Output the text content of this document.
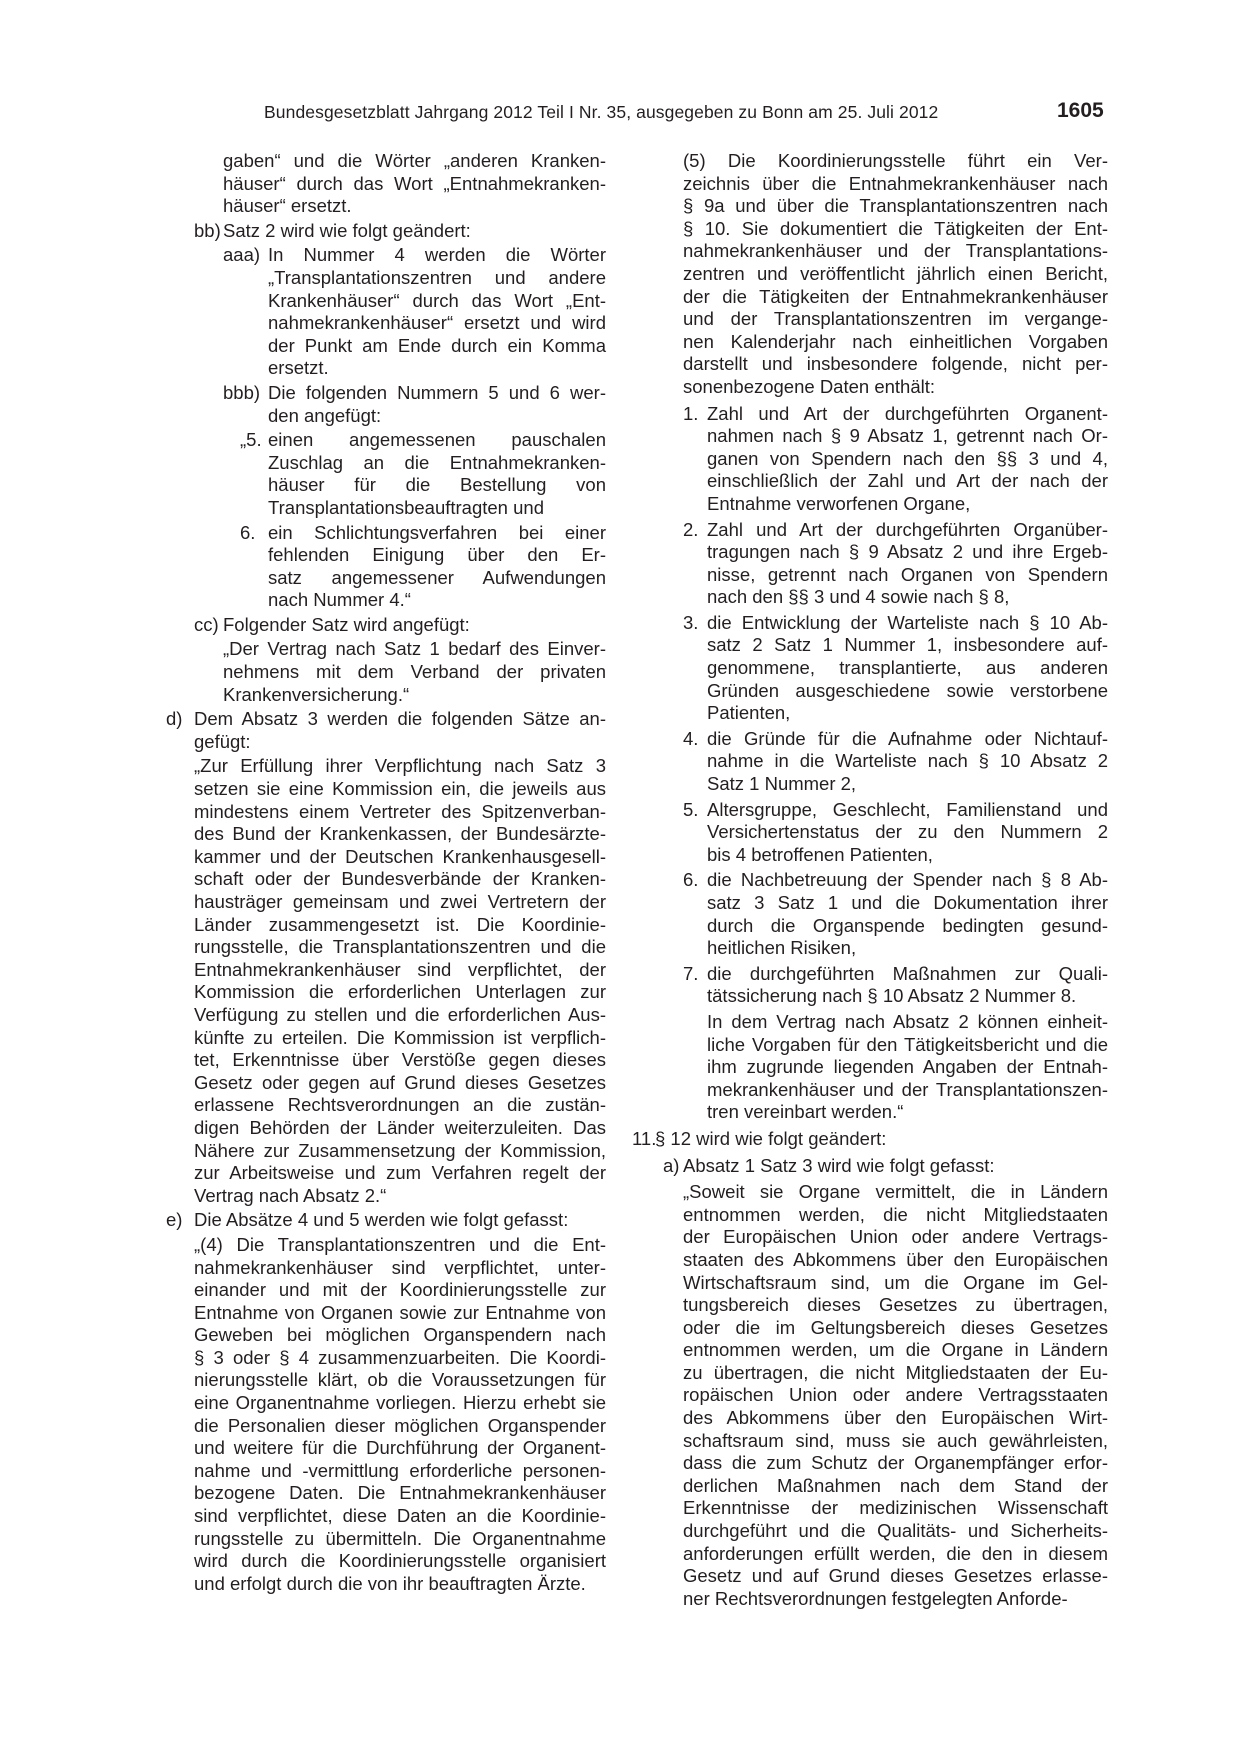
Bundesgesetzblatt Jahrgang 2012 Teil I Nr. 35, ausgegeben zu Bonn am 25. Juli 2012	1605
gaben“ und die Wörter „anderen Kranken-
häuser“ durch das Wort „Entnahmekranken-
häuser“ ersetzt.
bb) Satz 2 wird wie folgt geändert:
aaa) In Nummer 4 werden die Wörter
„Transplantationszentren und andere
Krankenhäuser“ durch das Wort „Ent-
nahmekrankenhäuser“ ersetzt und wird
der Punkt am Ende durch ein Komma
ersetzt.
bbb) Die folgenden Nummern 5 und 6 wer-
den angefügt:
„5. einen angemessenen pauschalen
Zuschlag an die Entnahmekranken-
häuser für die Bestellung von
Transplantationsbeauftragten und
6. ein Schlichtungsverfahren bei einer
fehlenden Einigung über den Er-
satz angemessener Aufwendungen
nach Nummer 4.“
cc) Folgender Satz wird angefügt:
„Der Vertrag nach Satz 1 bedarf des Einver-
nehmens mit dem Verband der privaten
Krankenversicherung.“
d) Dem Absatz 3 werden die folgenden Sätze an-
gefügt:
„Zur Erfüllung ihrer Verpflichtung nach Satz 3
setzen sie eine Kommission ein, die jeweils aus
mindestens einem Vertreter des Spitzenverban-
des Bund der Krankenkassen, der Bundesärzte-
kammer und der Deutschen Krankenhausgesell-
schaft oder der Bundesverbände der Kranken-
hausträger gemeinsam und zwei Vertretern der
Länder zusammengesetzt ist. Die Koordinie-
rungsstelle, die Transplantationszentren und die
Entnahmekrankenhäuser sind verpflichtet, der
Kommission die erforderlichen Unterlagen zur
Verfügung zu stellen und die erforderlichen Aus-
künfte zu erteilen. Die Kommission ist verpflich-
tet, Erkenntnisse über Verstöße gegen dieses
Gesetz oder gegen auf Grund dieses Gesetzes
erlassene Rechtsverordnungen an die zustän-
digen Behörden der Länder weiterzuleiten. Das
Nähere zur Zusammensetzung der Kommission,
zur Arbeitsweise und zum Verfahren regelt der
Vertrag nach Absatz 2.“
e) Die Absätze 4 und 5 werden wie folgt gefasst:
„(4) Die Transplantationszentren und die Ent-
nahmekrankenhäuser sind verpflichtet, unter-
einander und mit der Koordinierungsstelle zur
Entnahme von Organen sowie zur Entnahme von
Geweben bei möglichen Organspendern nach
§ 3 oder § 4 zusammenzuarbeiten. Die Koordi-
nierungsstelle klärt, ob die Voraussetzungen für
eine Organentnahme vorliegen. Hierzu erhebt sie
die Personalien dieser möglichen Organspender
und weitere für die Durchführung der Organent-
nahme und -vermittlung erforderliche personen-
bezogene Daten. Die Entnahmekrankenhäuser
sind verpflichtet, diese Daten an die Koordinie-
rungsstelle zu übermitteln. Die Organentnahme
wird durch die Koordinierungsstelle organisiert
und erfolgt durch die von ihr beauftragten Ärzte.
(5) Die Koordinierungsstelle führt ein Ver-
zeichnis über die Entnahmekrankenhäuser nach
§ 9a und über die Transplantationszentren nach
§ 10. Sie dokumentiert die Tätigkeiten der Ent-
nahmekrankenhäuser und der Transplantations-
zentren und veröffentlicht jährlich einen Bericht,
der die Tätigkeiten der Entnahmekrankenhäuser
und der Transplantationszentren im vergange-
nen Kalenderjahr nach einheitlichen Vorgaben
darstellt und insbesondere folgende, nicht per-
sonenbezogene Daten enthält:
1. Zahl und Art der durchgeführten Organent-
nahmen nach § 9 Absatz 1, getrennt nach Or-
ganen von Spendern nach den §§ 3 und 4,
einschließlich der Zahl und Art der nach der
Entnahme verworfenen Organe,
2. Zahl und Art der durchgeführten Organüber-
tragungen nach § 9 Absatz 2 und ihre Ergeb-
nisse, getrennt nach Organen von Spendern
nach den §§ 3 und 4 sowie nach § 8,
3. die Entwicklung der Warteliste nach § 10 Ab-
satz 2 Satz 1 Nummer 1, insbesondere auf-
genommene, transplantierte, aus anderen
Gründen ausgeschiedene sowie verstorbene
Patienten,
4. die Gründe für die Aufnahme oder Nichtauf-
nahme in die Warteliste nach § 10 Absatz 2
Satz 1 Nummer 2,
5. Altersgruppe, Geschlecht, Familienstand und
Versichertenstatus der zu den Nummern 2
bis 4 betroffenen Patienten,
6. die Nachbetreuung der Spender nach § 8 Ab-
satz 3 Satz 1 und die Dokumentation ihrer
durch die Organspende bedingten gesund-
heitlichen Risiken,
7. die durchgeführten Maßnahmen zur Quali-
tätssicherung nach § 10 Absatz 2 Nummer 8.
In dem Vertrag nach Absatz 2 können einheit-
liche Vorgaben für den Tätigkeitsbericht und die
ihm zugrunde liegenden Angaben der Entnah-
mekrankenhäuser und der Transplantationszen-
tren vereinbart werden.“
11.
§ 12 wird wie folgt geändert:
a) Absatz 1 Satz 3 wird wie folgt gefasst:
„Soweit sie Organe vermittelt, die in Ländern
entnommen werden, die nicht Mitgliedstaaten
der Europäischen Union oder andere Vertrags-
staaten des Abkommens über den Europäischen
Wirtschaftsraum sind, um die Organe im Gel-
tungsbereich dieses Gesetzes zu übertragen,
oder die im Geltungsbereich dieses Gesetzes
entnommen werden, um die Organe in Ländern
zu übertragen, die nicht Mitgliedstaaten der Eu-
ropäischen Union oder andere Vertragsstaaten
des Abkommens über den Europäischen Wirt-
schaftsraum sind, muss sie auch gewährleisten,
dass die zum Schutz der Organempfänger erfor-
derlichen Maßnahmen nach dem Stand der
Erkenntnisse der medizinischen Wissenschaft
durchgeführt und die Qualitäts- und Sicherheits-
anforderungen erfüllt werden, die den in diesem
Gesetz und auf Grund dieses Gesetzes erlasse-
ner Rechtsverordnungen festgelegten Anforde-
